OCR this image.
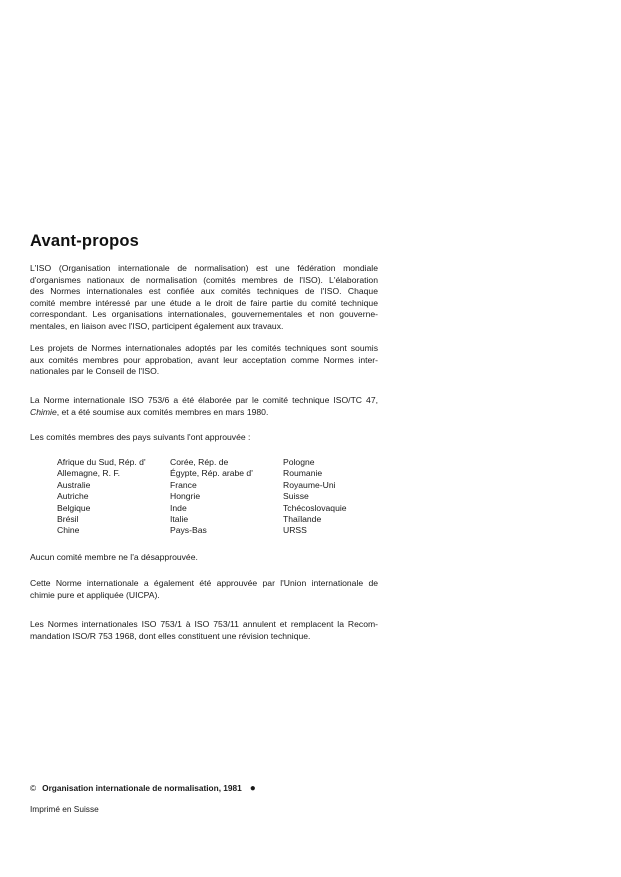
Avant-propos
L'ISO (Organisation internationale de normalisation) est une fédération mondiale
d'organismes nationaux de normalisation (comités membres de l'ISO). L'élaboration
des Normes internationales est confiée aux comités techniques de l'ISO. Chaque
comité membre intéressé par une étude a le droit de faire partie du comité technique
correspondant. Les organisations internationales, gouvernementales et non gouverne-
mentales, en liaison avec l'ISO, participent également aux travaux.
Les projets de Normes internationales adoptés par les comités techniques sont soumis
aux comités membres pour approbation, avant leur acceptation comme Normes inter-
nationales par le Conseil de l'ISO.
La Norme internationale ISO 753/6 a été élaborée par le comité technique ISO/TC 47,
Chimie, et a été soumise aux comités membres en mars 1980.
Les comités membres des pays suivants l'ont approuvée :
Afrique du Sud, Rép. d'
Allemagne, R. F.
Australie
Autriche
Belgique
Brésil
Chine
Corée, Rép. de
Égypte, Rép. arabe d'
France
Hongrie
Inde
Italie
Pays-Bas
Pologne
Roumanie
Royaume-Uni
Suisse
Tchécoslovaquie
Thaïlande
URSS
Aucun comité membre ne l'a désapprouvée.
Cette Norme internationale a également été approuvée par l'Union internationale de
chimie pure et appliquée (UICPA).
Les Normes internationales ISO 753/1 à ISO 753/11 annulent et remplacent la Recom-
mandation ISO/R 753 1968, dont elles constituent une révision technique.
© Organisation internationale de normalisation, 1981 ●
Imprimé en Suisse
